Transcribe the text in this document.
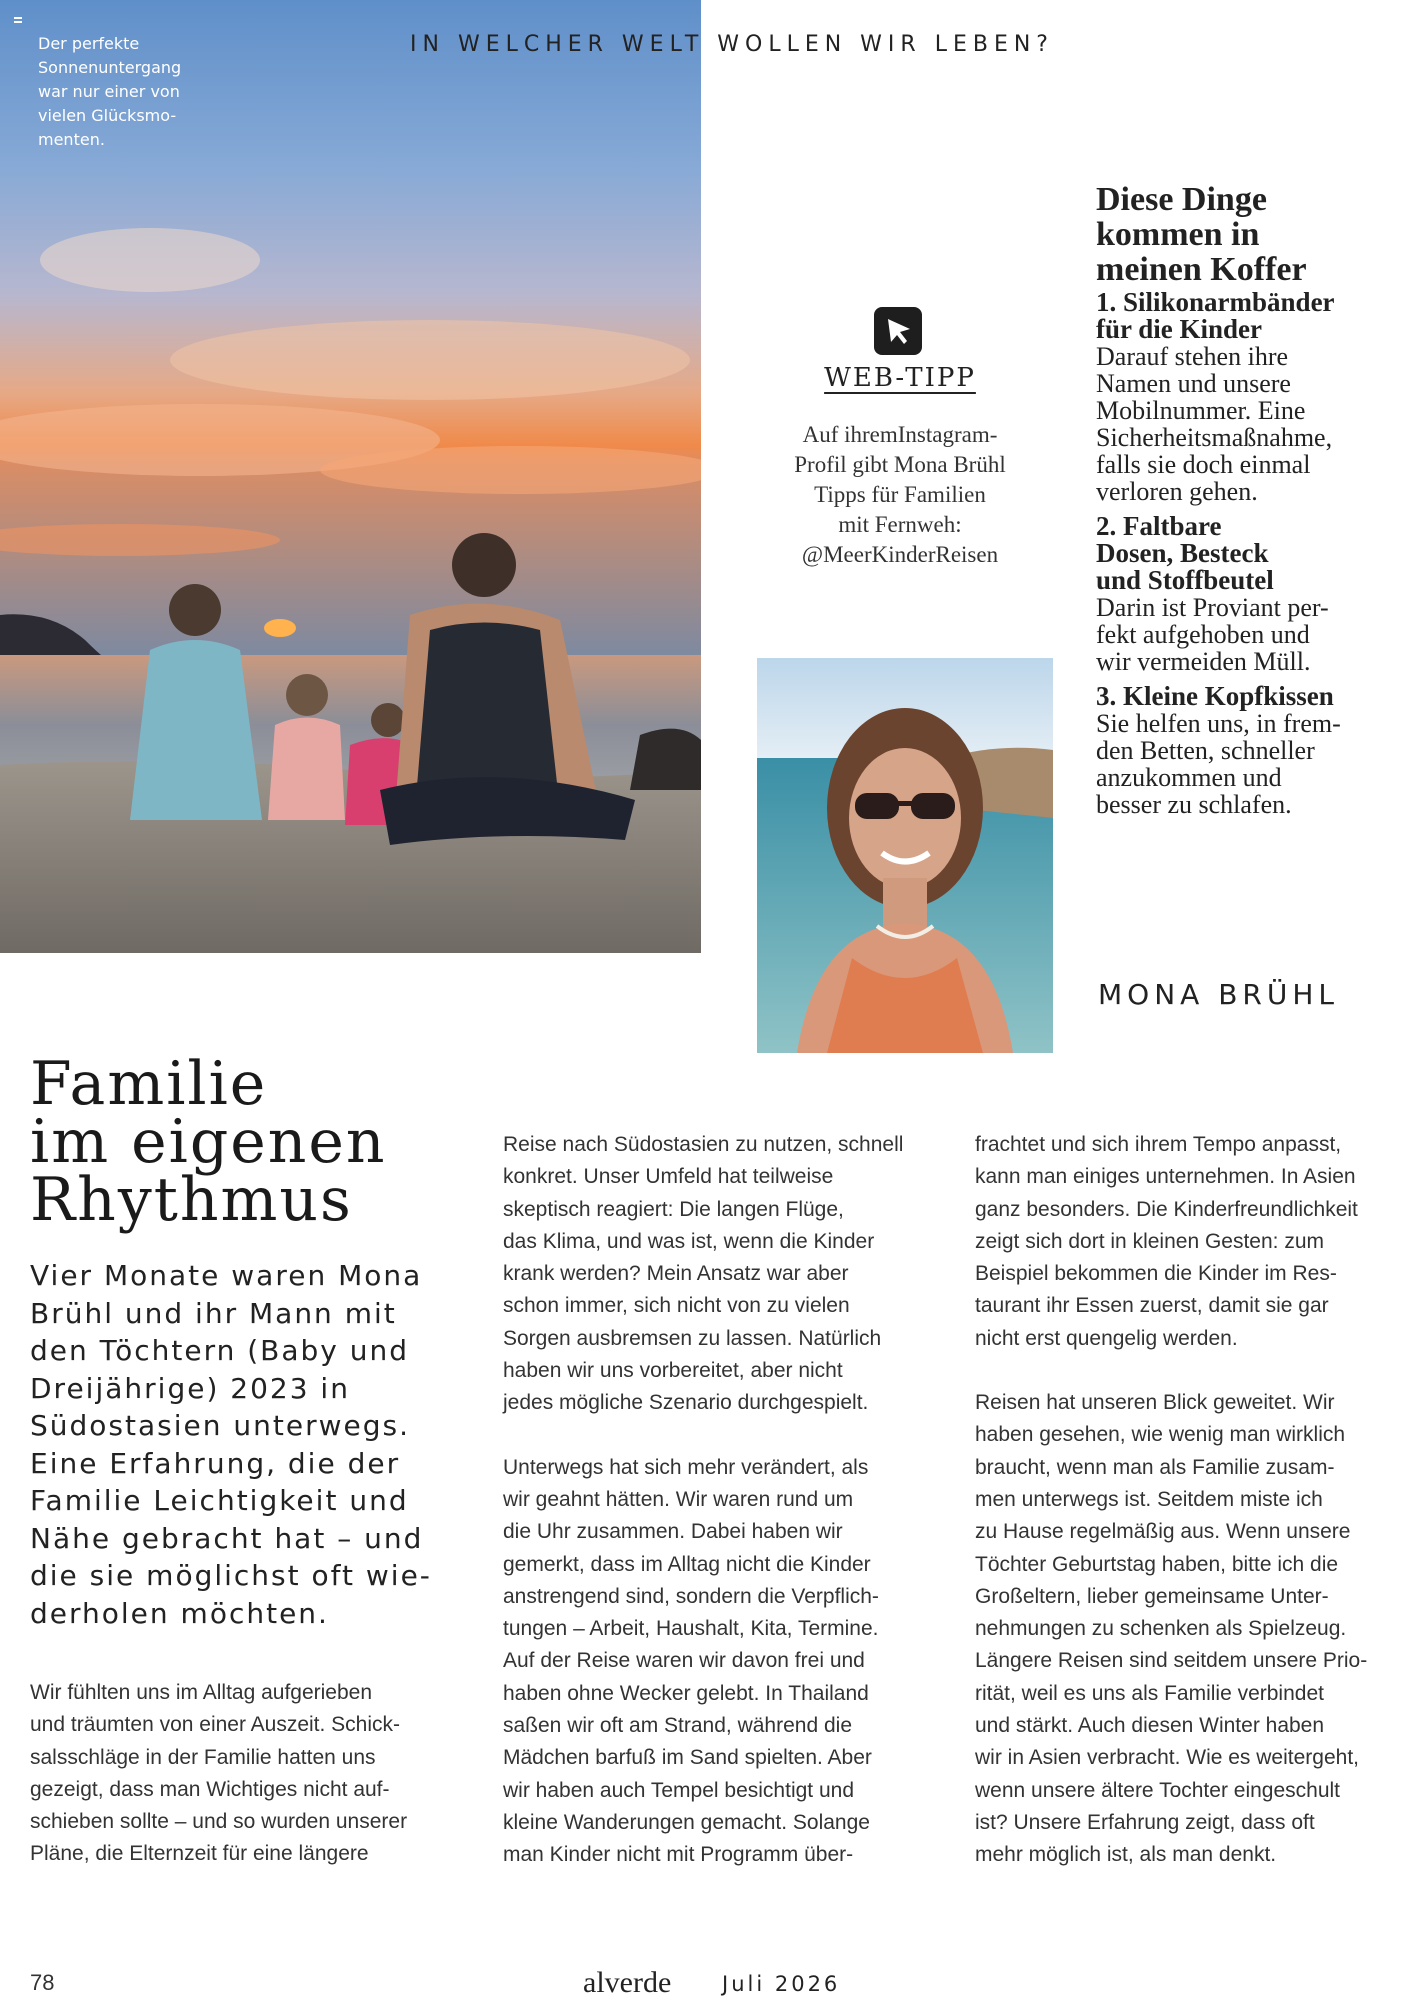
Der perfekte
Sonnenuntergang
war nur einer von
vielen Glücksmo-
menten.
IN WELCHER WELT WOLLEN WIR LEBEN?
WEB-TIPP
Auf ihremInstagram-
Profil gibt Mona Brühl
Tipps für Familien
mit Fernweh:
@MeerKinderReisen
Diese Dinge
kommen in
meinen Koffer
1. Silikonarmbänder
für die Kinder
Darauf stehen ihre
Namen und unsere
Mobilnummer. Eine
Sicherheitsmaßnahme,
falls sie doch einmal
verloren gehen.
2. Faltbare
Dosen, Besteck
und Stoffbeutel
Darin ist Proviant per-
fekt aufgehoben und
wir vermeiden Müll.
3. Kleine Kopfkissen
Sie helfen uns, in frem-
den Betten, schneller
anzukommen und
besser zu schlafen.
MONA BRÜHL
Familie
im eigenen
Rhythmus
Vier Monate waren Mona
Brühl und ihr Mann mit
den Töchtern (Baby und
Dreijährige) 2023 in
Südostasien unterwegs.
Eine Erfahrung, die der
Familie Leichtigkeit und
Nähe gebracht hat – und
die sie möglichst oft wie-
derholen möchten.

Wir fühlten uns im Alltag aufgerieben
und träumten von einer Auszeit. Schick-
salsschläge in der Familie hatten uns
gezeigt, dass man Wichtiges nicht auf-
schieben sollte – und so wurden unserer
Pläne, die Elternzeit für eine längere

Reise nach Südostasien zu nutzen, schnell
konkret. Unser Umfeld hat teilweise
skeptisch reagiert: Die langen Flüge,
das Klima, und was ist, wenn die Kinder
krank werden? Mein Ansatz war aber
schon immer, sich nicht von zu vielen
Sorgen ausbremsen zu lassen. Natürlich
haben wir uns vorbereitet, aber nicht
jedes mögliche Szenario durchgespielt.

Unterwegs hat sich mehr verändert, als
wir geahnt hätten. Wir waren rund um
die Uhr zusammen. Dabei haben wir
gemerkt, dass im Alltag nicht die Kinder
anstrengend sind, sondern die Verpflich-
tungen – Arbeit, Haushalt, Kita, Termine.
Auf der Reise waren wir davon frei und
haben ohne Wecker gelebt. In Thailand
saßen wir oft am Strand, während die
Mädchen barfuß im Sand spielten. Aber
wir haben auch Tempel besichtigt und
kleine Wanderungen gemacht. Solange
man Kinder nicht mit Programm über-

frachtet und sich ihrem Tempo anpasst,
kann man einiges unternehmen. In Asien
ganz besonders. Die Kinderfreundlichkeit
zeigt sich dort in kleinen Gesten: zum
Beispiel bekommen die Kinder im Res-
taurant ihr Essen zuerst, damit sie gar
nicht erst quengelig werden.

Reisen hat unseren Blick geweitet. Wir
haben gesehen, wie wenig man wirklich
braucht, wenn man als Familie zusam-
men unterwegs ist. Seitdem miste ich
zu Hause regelmäßig aus. Wenn unsere
Töchter Geburtstag haben, bitte ich die
Großeltern, lieber gemeinsame Unter-
nehmungen zu schenken als Spielzeug.
Längere Reisen sind seitdem unsere Prio-
rität, weil es uns als Familie verbindet
und stärkt. Auch diesen Winter haben
wir in Asien verbracht. Wie es weitergeht,
wenn unsere ältere Tochter eingeschult
ist? Unsere Erfahrung zeigt, dass oft
mehr möglich ist, als man denkt.

78	alverde Juli 2026
